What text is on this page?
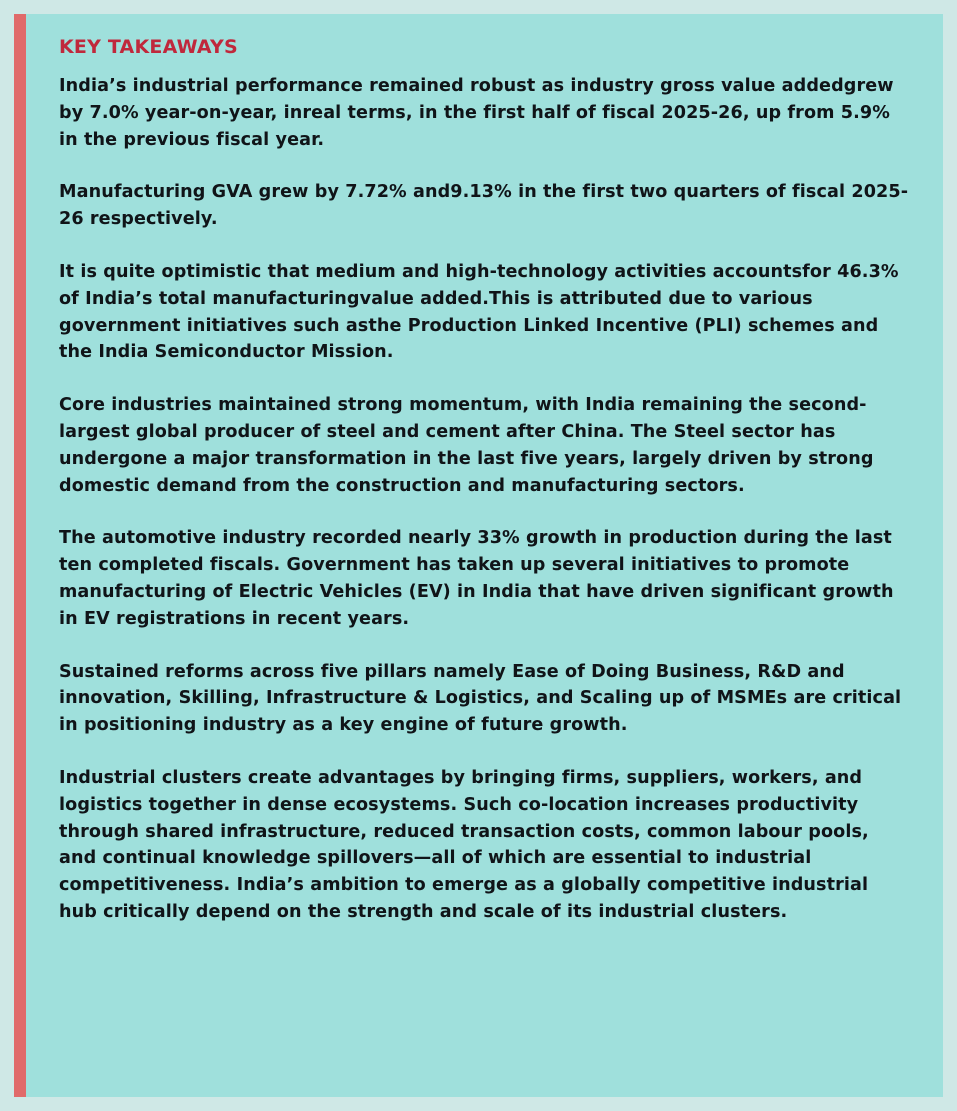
KEY TAKEAWAYS

India’s industrial performance remained robust as industry gross value addedgrew by 7.0% year-on-year, inreal terms, in the first half of fiscal 2025-26, up from 5.9% in the previous fiscal year.

Manufacturing GVA grew by 7.72% and9.13% in the first two quarters of fiscal 2025-26 respectively.

It is quite optimistic that medium and high-technology activities accountsfor 46.3% of India’s total manufacturingvalue added.This is attributed due to various government initiatives such asthe Production Linked Incentive (PLI) schemes and the India Semiconductor Mission.

Core industries maintained strong momentum, with India remaining the second-largest global producer of steel and cement after China. The Steel sector has undergone a major transformation in the last five years, largely driven by strong domestic demand from the construction and manufacturing sectors.

The automotive industry recorded nearly 33% growth in production during the last ten completed fiscals. Government has taken up several initiatives to promote manufacturing of Electric Vehicles (EV) in India that have driven significant growth in EV registrations in recent years.

Sustained reforms across five pillars namely Ease of Doing Business, R&D and innovation, Skilling, Infrastructure & Logistics, and Scaling up of MSMEs are critical in positioning industry as a key engine of future growth.

Industrial clusters create advantages by bringing firms, suppliers, workers, and logistics together in dense ecosystems. Such co-location increases productivity through shared infrastructure, reduced transaction costs, common labour pools, and continual knowledge spillovers—all of which are essential to industrial competitiveness. India’s ambition to emerge as a globally competitive industrial hub critically depend on the strength and scale of its industrial clusters.
